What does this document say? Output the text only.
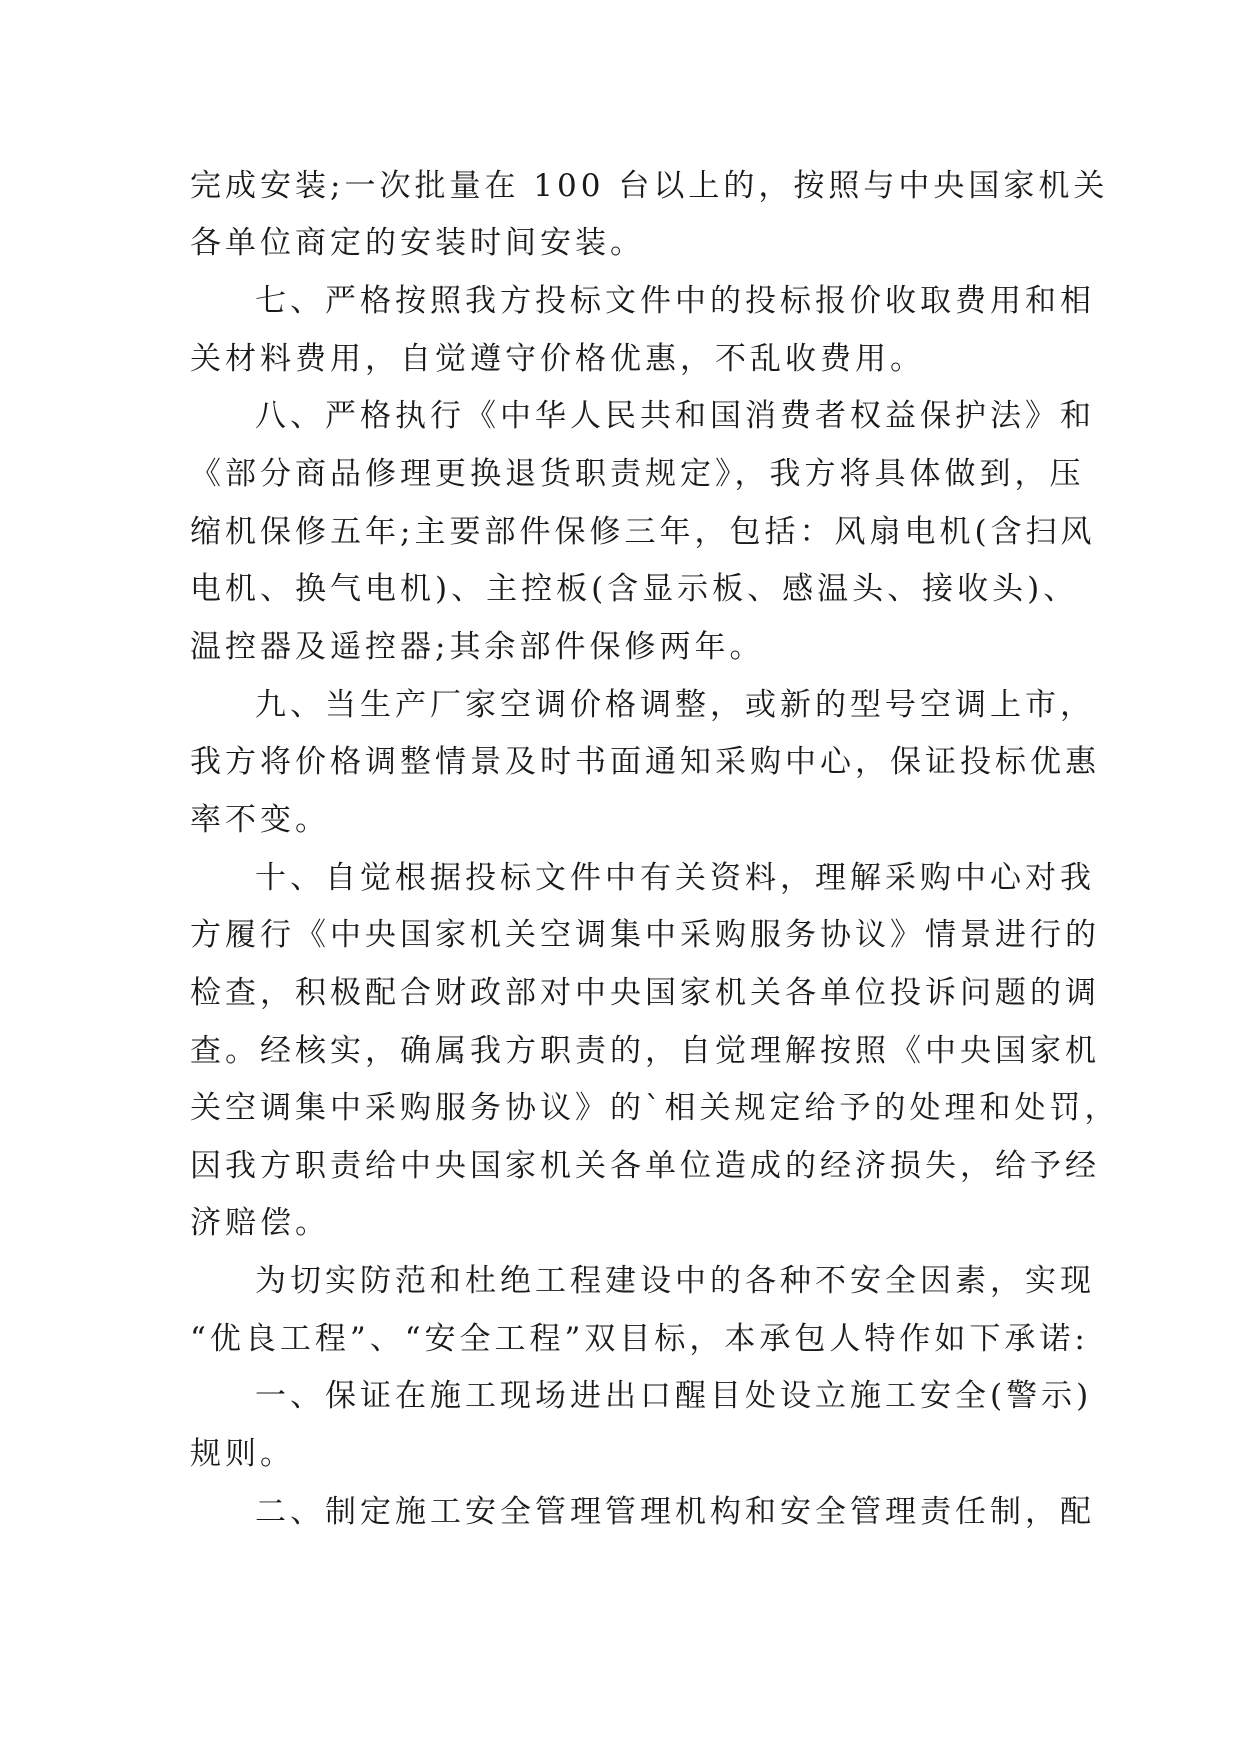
完成安装;一次批量在 100 台以上的，按照与中央国家机关
各单位商定的安装时间安装。
七、严格按照我方投标文件中的投标报价收取费用和相
关材料费用，自觉遵守价格优惠，不乱收费用。
八、严格执行《中华人民共和国消费者权益保护法》和
《部分商品修理更换退货职责规定》，我方将具体做到，压
缩机保修五年;主要部件保修三年，包括：风扇电机(含扫风
电机、换气电机)、主控板(含显示板、感温头、接收头)、
温控器及遥控器;其余部件保修两年。
九、当生产厂家空调价格调整，或新的型号空调上市，
我方将价格调整情景及时书面通知采购中心，保证投标优惠
率不变。
十、自觉根据投标文件中有关资料，理解采购中心对我
方履行《中央国家机关空调集中采购服务协议》情景进行的
检查，积极配合财政部对中央国家机关各单位投诉问题的调
查。经核实，确属我方职责的，自觉理解按照《中央国家机
关空调集中采购服务协议》的`相关规定给予的处理和处罚，
因我方职责给中央国家机关各单位造成的经济损失，给予经
济赔偿。
为切实防范和杜绝工程建设中的各种不安全因素，实现
“优良工程”、“安全工程”双目标，本承包人特作如下承诺:
一、保证在施工现场进出口醒目处设立施工安全(警示)
规则。
二、制定施工安全管理管理机构和安全管理责任制，配
